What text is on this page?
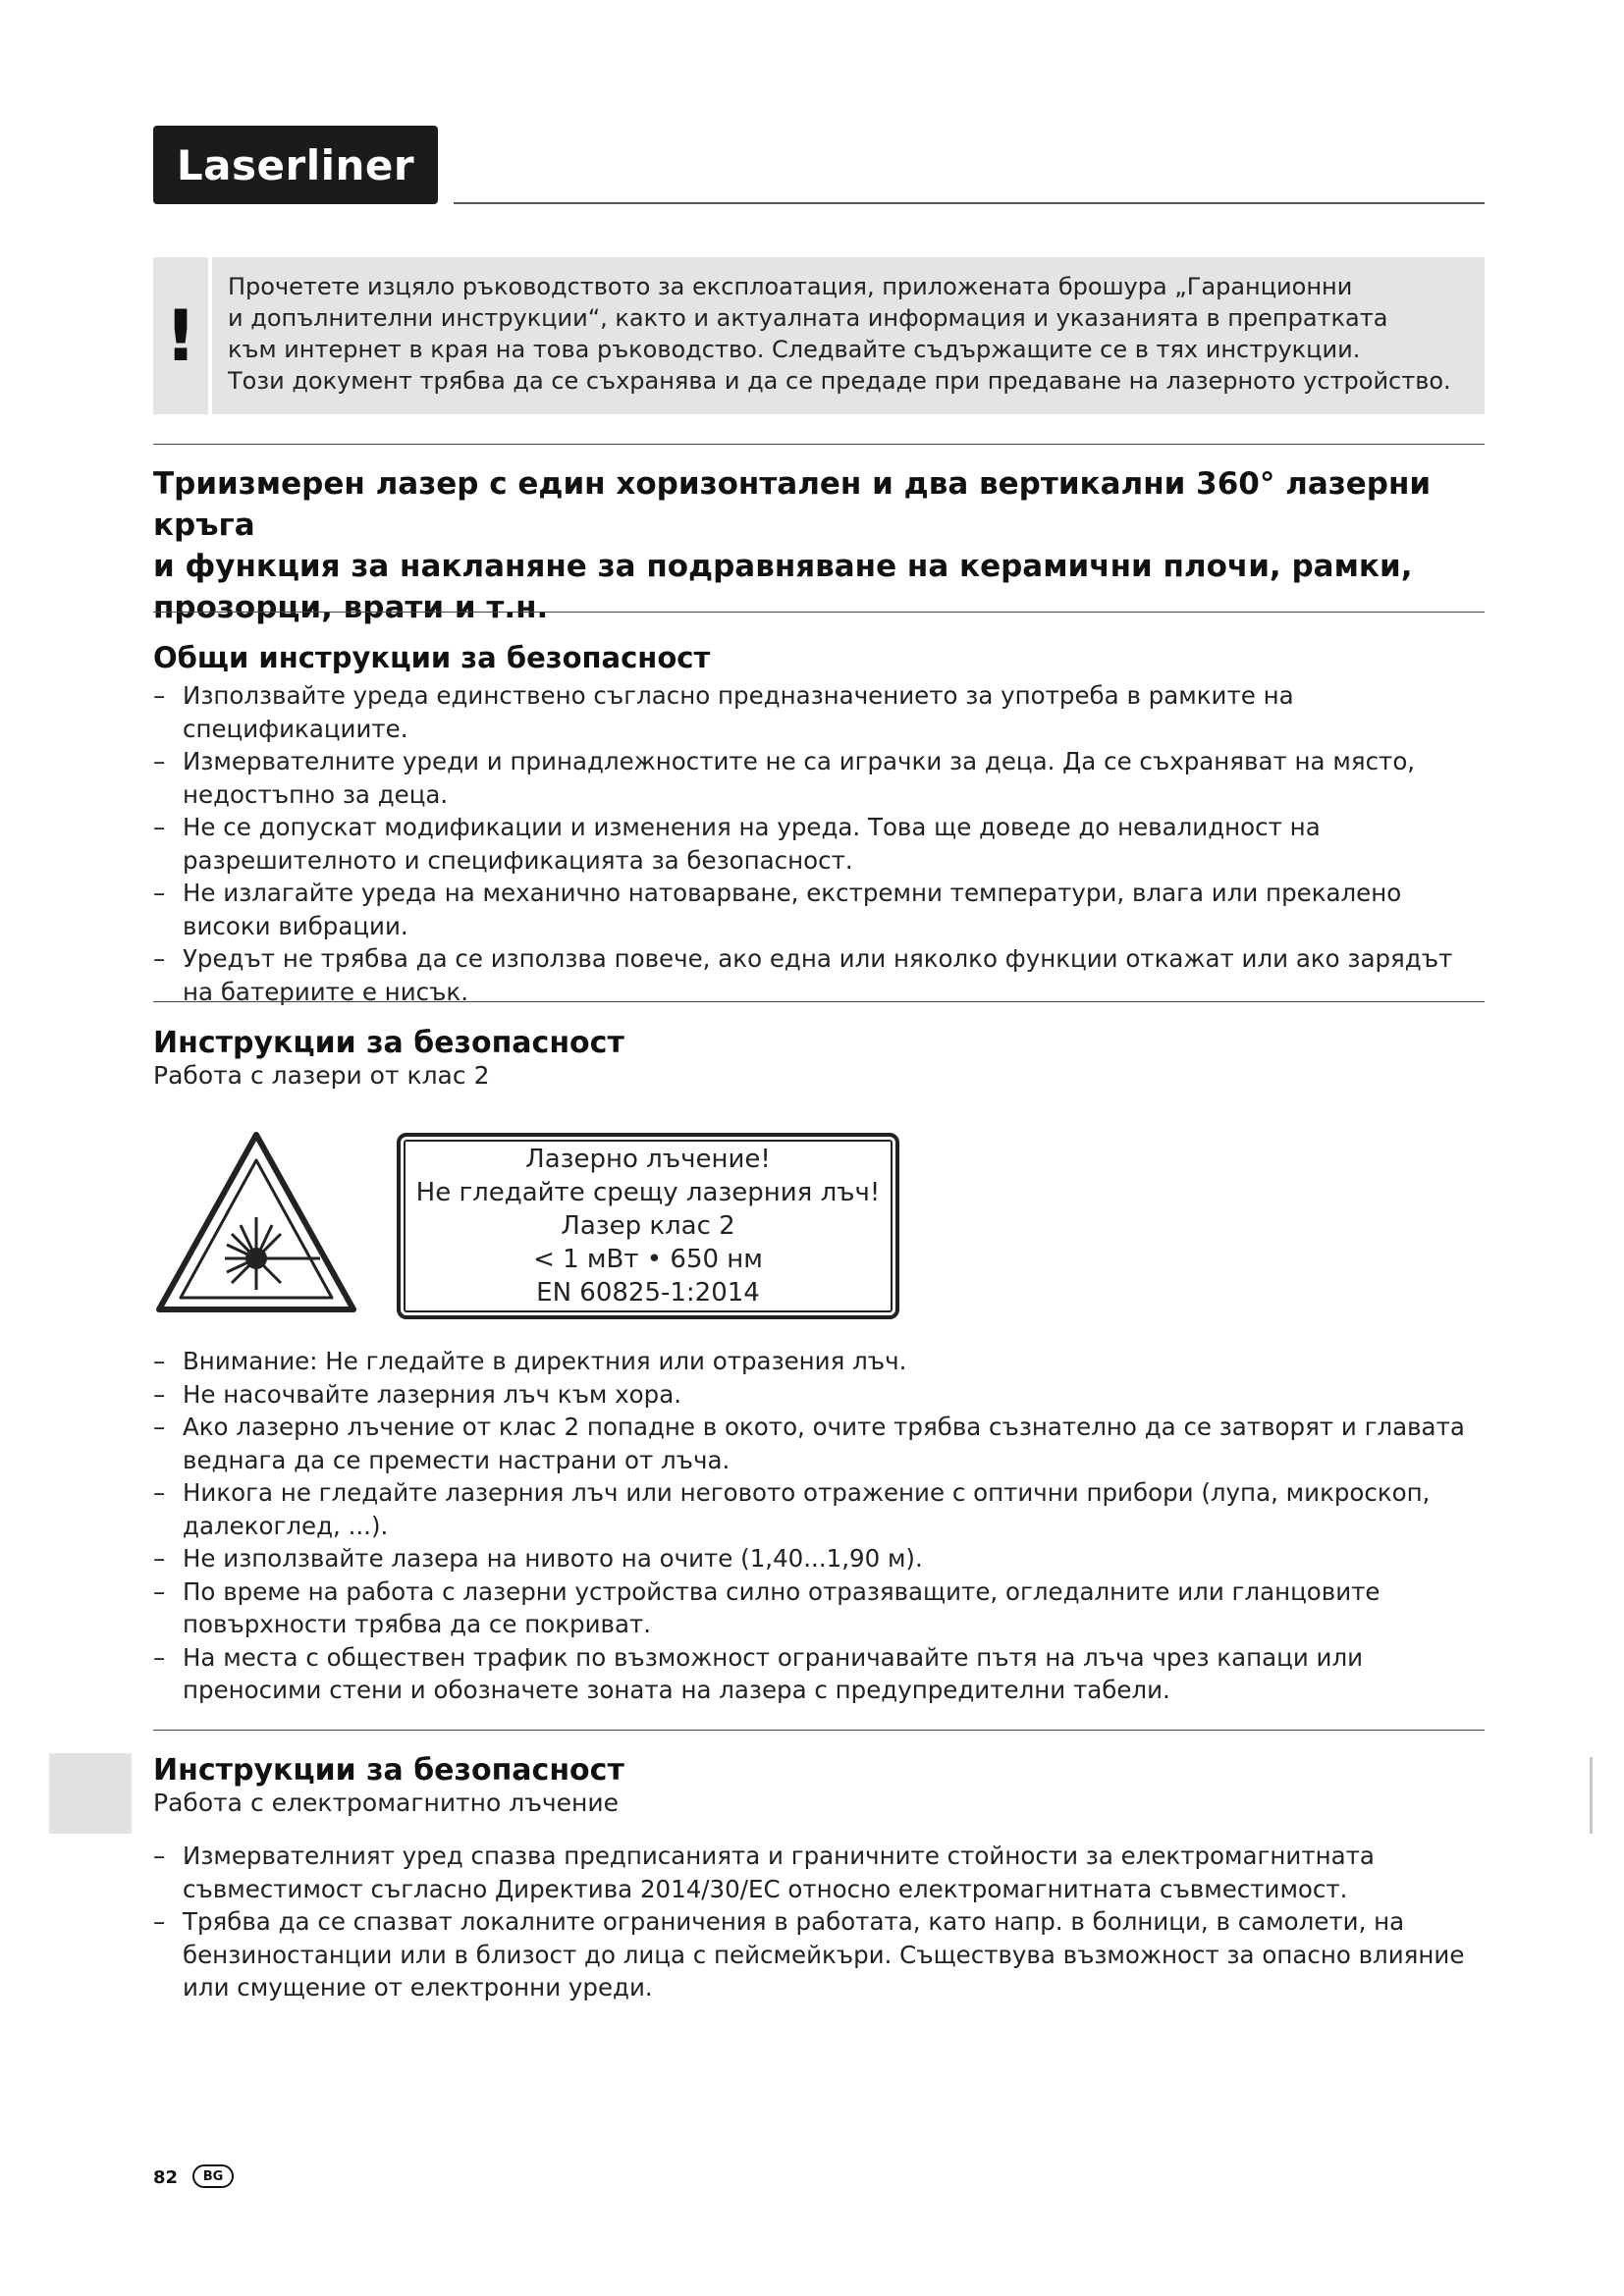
Laserliner
!

Прочетете изцяло ръководството за експлоатация, приложената брошура „Гаранционни

и допълнителни инструкции“, както и актуалната информация и указанията в препратката

към интернет в края на това ръководство. Следвайте съдържащите се в тях инструкции.

Този документ трябва да се съхранява и да се предаде при предаване на лазерното устройство.

Триизмерен лазер с един хоризонтален и два вертикални 360° лазерни кръга

и функция за накланяне за подравняване на керамични плочи, рамки,

прозорци, врати и т.н.

Общи инструкции за безопасност
– Използвайте уреда единствено съгласно предназначението за употреба в рамките на спецификациите.
– Измервателните уреди и принадлежностите не са играчки за деца. Да се съхраняват на място, недостъпно за деца.
– Не се допускат модификации и изменения на уреда. Това ще доведе до невалидност на разрешителното и спецификацията за безопасност.
– Не излагайте уреда на механично натоварване, екстремни температури, влага или прекалено високи вибрации.
– Уредът не трябва да се използва повече, ако една или няколко функции откажат или ако зарядът на батериите е нисък.
Инструкции за безопасност
Работа с лазери от клас 2
Лазерно лъчение!
Не гледайте срещу лазерния лъч!
Лазер клас 2
< 1 мВт • 650 нм
EN 60825-1:2014
– Внимание: Не гледайте в директния или отразения лъч.
– Не насочвайте лазерния лъч към хора.
– Ако лазерно лъчение от клас 2 попадне в окото, очите трябва съзнателно да се затворят и главата веднага да се премести настрани от лъча.
– Никога не гледайте лазерния лъч или неговото отражение с оптични прибори (лупа, микроскоп, далекоглед, ...).
– Не използвайте лазера на нивото на очите (1,40...1,90 м).
– По време на работа с лазерни устройства силно отразяващите, огледалните или гланцовите повърхности трябва да се покриват.
– На места с обществен трафик по възможност ограничавайте пътя на лъча чрез капаци или преносими стени и обозначете зоната на лазера с предупредителни табели.
Инструкции за безопасност
Работа с електромагнитно лъчение
– Измервателният уред спазва предписанията и граничните стойности за електромагнитната съвместимост съгласно Директива 2014/30/ЕС относно електромагнитната съвместимост.
– Трябва да се спазват локалните ограничения в работата, като напр. в болници, в самолети, на бензиностанции или в близост до лица с пейсмейкъри. Съществува възможност за опасно влияние или смущение от електронни уреди.
82	BG
